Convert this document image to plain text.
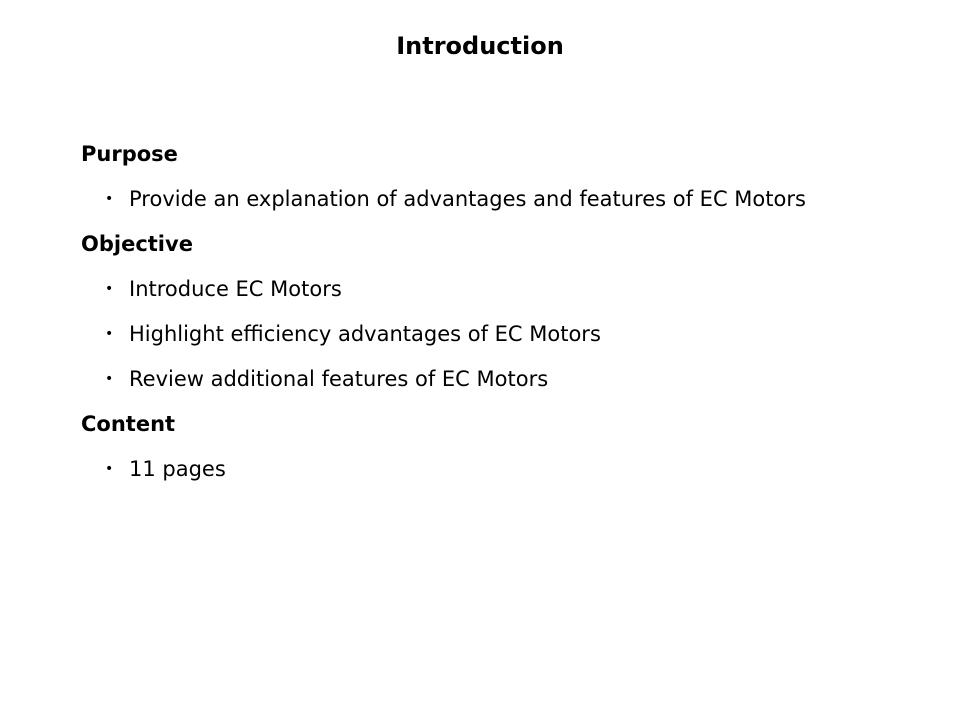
Introduction
Purpose
• Provide an explanation of advantages and features of EC Motors
Objective
• Introduce EC Motors
• Highlight efficiency advantages of EC Motors
• Review additional features of EC Motors
Content
• 11 pages
